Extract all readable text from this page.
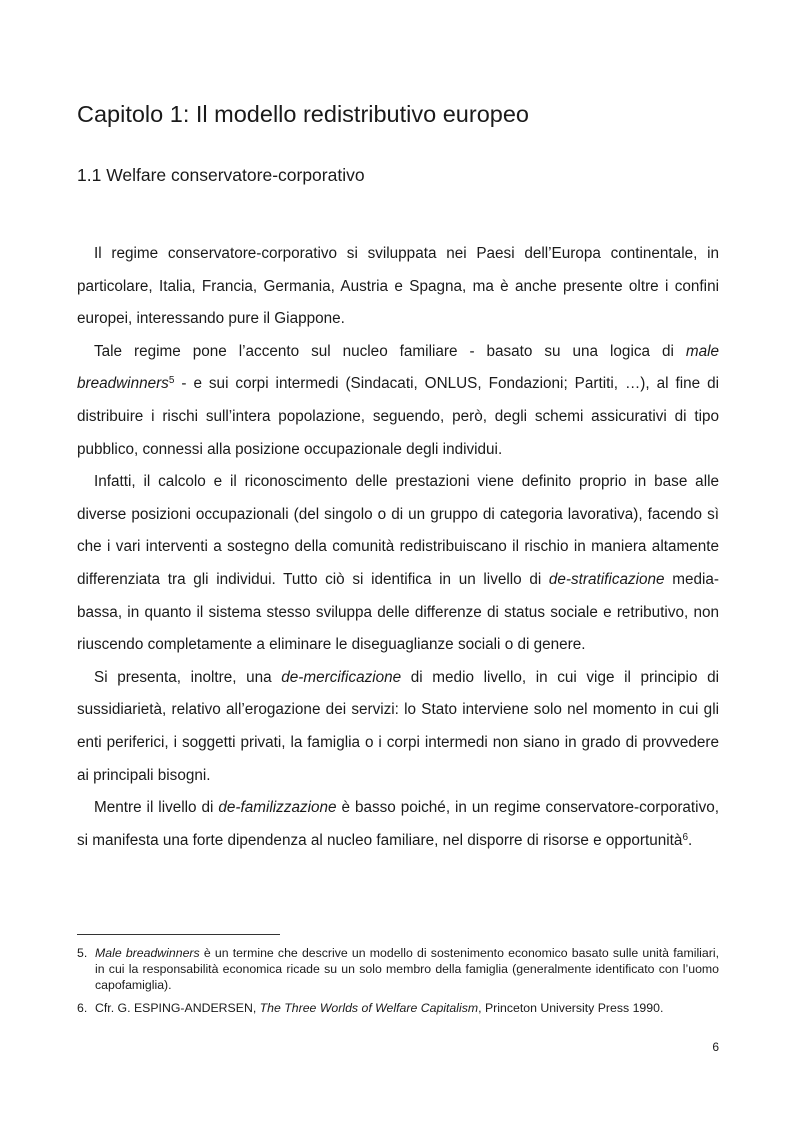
Capitolo 1: Il modello redistributivo europeo
1.1 Welfare conservatore-corporativo

Il regime conservatore-corporativo si sviluppata nei Paesi dell’Europa continentale, in particolare, Italia, Francia, Germania, Austria e Spagna, ma è anche presente oltre i confini europei, interessando pure il Giappone.

Tale regime pone l’accento sul nucleo familiare - basato su una logica di male breadwinners$^5$ - e sui corpi intermedi (Sindacati, ONLUS, Fondazioni; Partiti, …), al fine di distribuire i rischi sull’intera popolazione, seguendo, però, degli schemi assicurativi di tipo pubblico, connessi alla posizione occupazionale degli individui.

Infatti, il calcolo e il riconoscimento delle prestazioni viene definito proprio in base alle diverse posizioni occupazionali (del singolo o di un gruppo di categoria lavorativa), facendo sì che i vari interventi a sostegno della comunità redistribuiscano il rischio in maniera altamente differenziata tra gli individui. Tutto ciò si identifica in un livello di de-stratificazione media-bassa, in quanto il sistema stesso sviluppa delle differenze di status sociale e retributivo, non riuscendo completamente a eliminare le diseguaglianze sociali o di genere.

Si presenta, inoltre, una de-mercificazione di medio livello, in cui vige il principio di sussidiarietà, relativo all’erogazione dei servizi: lo Stato interviene solo nel momento in cui gli enti periferici, i soggetti privati, la famiglia o i corpi intermedi non siano in grado di provvedere ai principali bisogni.

Mentre il livello di de-familizzazione è basso poiché, in un regime conservatore-corporativo, si manifesta una forte dipendenza al nucleo familiare, nel disporre di risorse e opportunità$^6$.

5. Male breadwinners è un termine che descrive un modello di sostenimento economico basato sulle unità familiari, in cui la responsabilità economica ricade su un solo membro della famiglia (generalmente identificato con l’uomo capofamiglia).
6. Cfr. G. ESPING-ANDERSEN, The Three Worlds of Welfare Capitalism, Princeton University Press 1990.
6
